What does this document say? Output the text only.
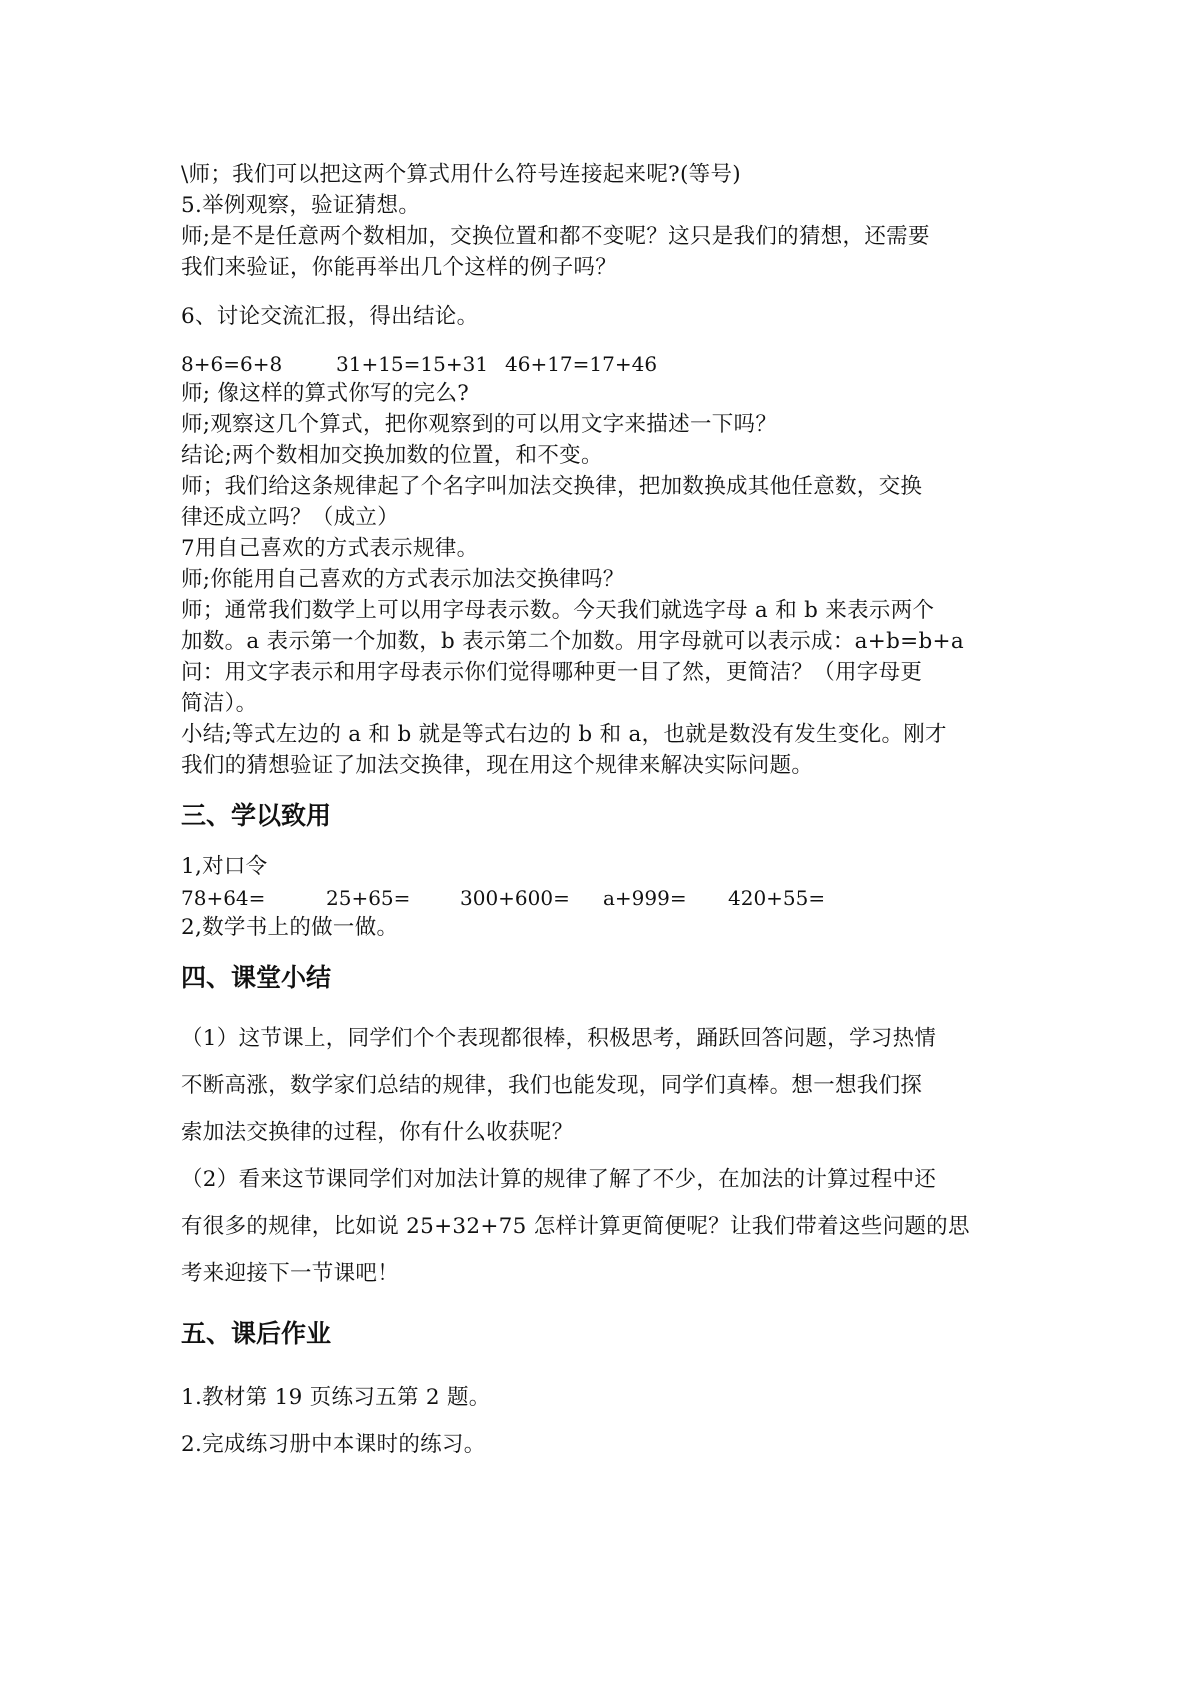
\师；我们可以把这两个算式用什么符号连接起来呢?(等号)
5.举例观察，验证猜想。
师;是不是任意两个数相加，交换位置和都不变呢？这只是我们的猜想，还需要
我们来验证，你能再举出几个这样的例子吗？
6、讨论交流汇报，得出结论。
8+6=6+8	31+15=15+31 46+17=17+46
师; 像这样的算式你写的完么?
师;观察这几个算式，把你观察到的可以用文字来描述一下吗？
结论;两个数相加交换加数的位置，和不变。
师；我们给这条规律起了个名字叫加法交换律，把加数换成其他任意数，交换
律还成立吗？（成立）
7用自己喜欢的方式表示规律。
师;你能用自己喜欢的方式表示加法交换律吗？
师；通常我们数学上可以用字母表示数。今天我们就选字母 a 和 b 来表示两个
加数。a 表示第一个加数，b 表示第二个加数。用字母就可以表示成：a+b=b+a
问：用文字表示和用字母表示你们觉得哪种更一目了然，更简洁？（用字母更
简洁）。
小结;等式左边的 a 和 b 就是等式右边的 b 和 a，也就是数没有发生变化。刚才
我们的猜想验证了加法交换律，现在用这个规律来解决实际问题。
三、学以致用
1,对口令
78+64=	25+65= 300+600= a+999= 420+55=
2,数学书上的做一做。
四、课堂小结
（1）这节课上，同学们个个表现都很棒，积极思考，踊跃回答问题，学习热情
不断高涨，数学家们总结的规律，我们也能发现，同学们真棒。想一想我们探
索加法交换律的过程，你有什么收获呢？
（2）看来这节课同学们对加法计算的规律了解了不少，在加法的计算过程中还
有很多的规律，比如说 25+32+75 怎样计算更简便呢？让我们带着这些问题的思
考来迎接下一节课吧！
五、课后作业
1.教材第 19 页练习五第 2 题。
2.完成练习册中本课时的练习。
